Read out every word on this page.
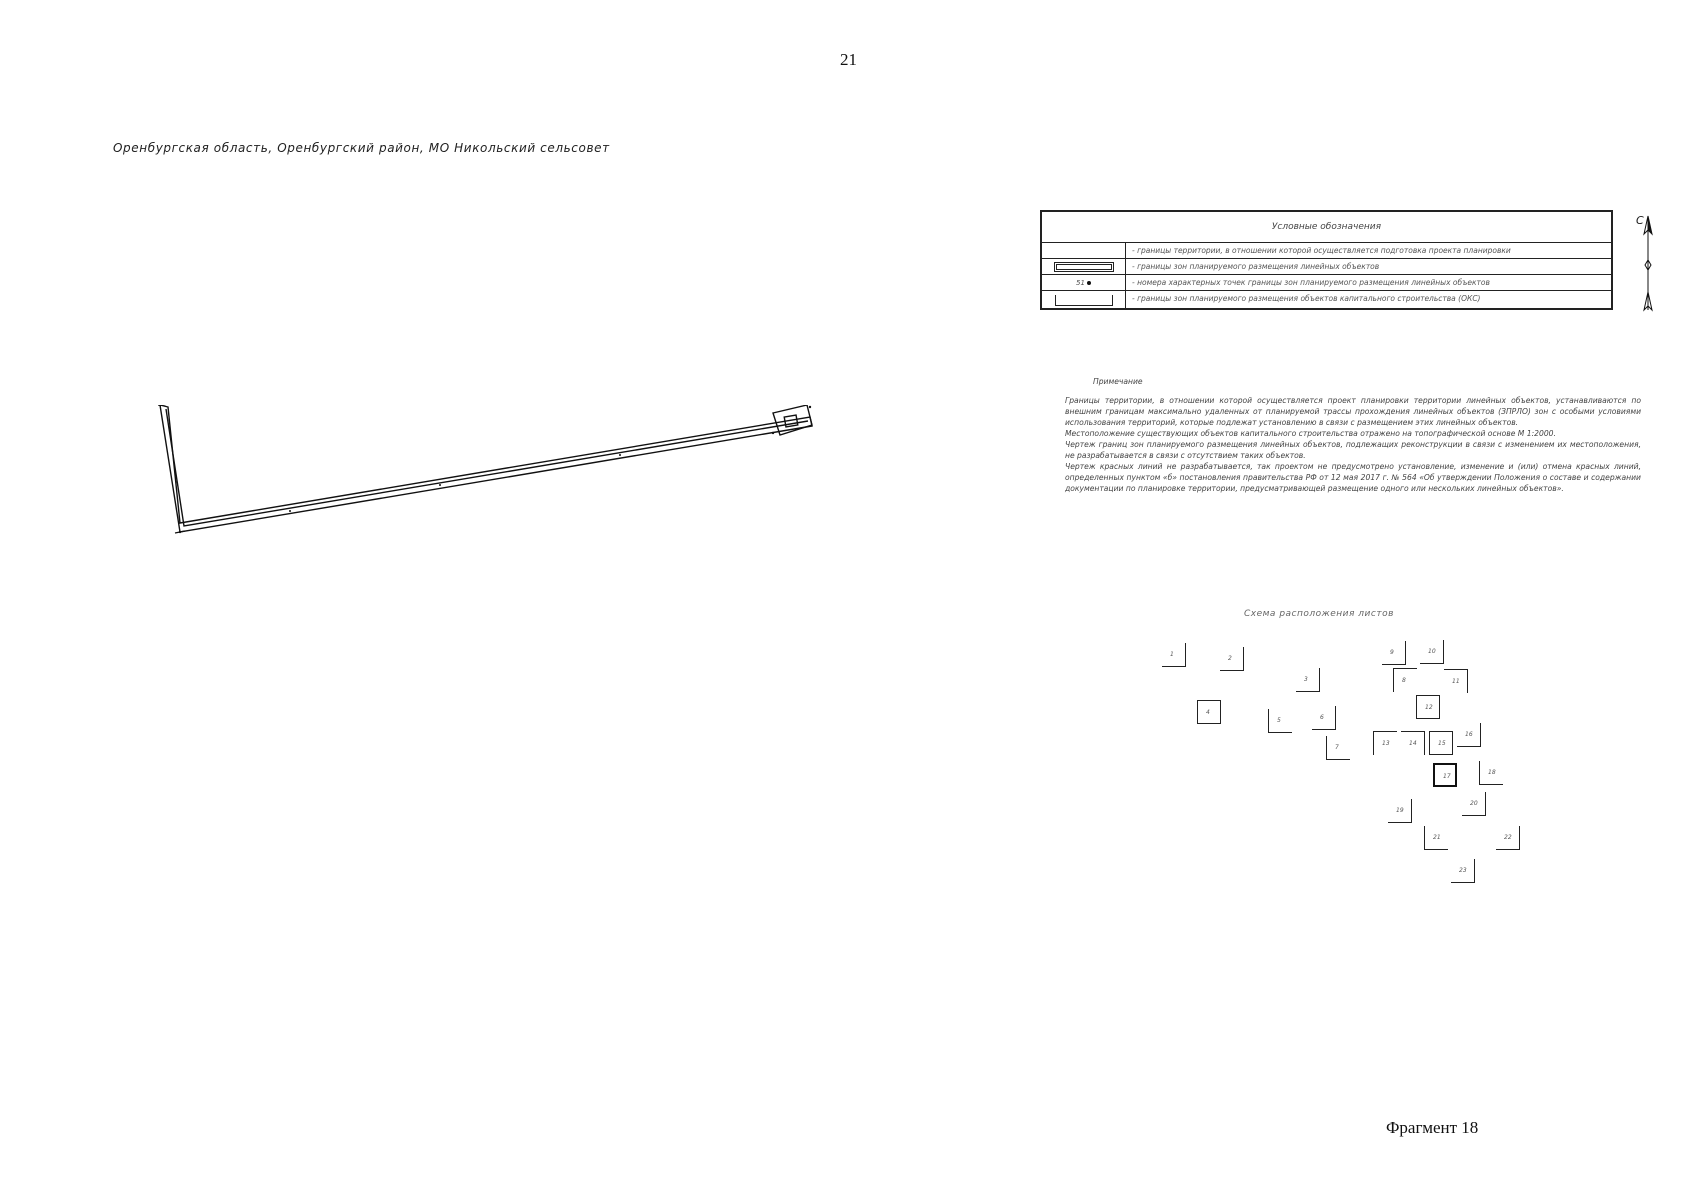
21
Оренбургская область, Оренбургский район, МО Никольский сельсовет
Условные обозначения
- границы территории, в отношении которой осуществляется подготовка проекта планировки
- границы зон планируемого размещения линейных объектов
51	- номера характерных точек границы зон планируемого размещения линейных объектов
- границы зон планируемого размещения объектов капитального строительства (ОКС)
С
Примечание

Границы территории, в отношении которой осуществляется проект планировки территории линейных объектов, устанавливаются по внешним границам максимально удаленных от планируемой трассы прохождения линейных объектов (ЗПРЛО) зон с особыми условиями использования территорий, которые подлежат установлению в связи с размещением этих линейных объектов.

Местоположение существующих объектов капитального строительства отражено на топографической основе М 1:2000.

Чертеж границ зон планируемого размещения линейных объектов, подлежащих реконструкции в связи с изменением их местоположения, не разрабатывается в связи с отсутствием таких объектов.

Чертеж красных линий не разрабатывается, так проектом не предусмотрено установление, изменение и (или) отмена красных линий, определенных пунктом «б» постановления правительства РФ от 12 мая 2017 г. № 564 «Об утверждении Положения о составе и содержании документации по планировке территории, предусматривающей размещение одного или нескольких линейных объектов».

Схема расположения листов
1
2
3
4
5	6
7
8
9	10
11
12
13	14	15
16
17
18
19
20
21	22
23
Фрагмент 18
